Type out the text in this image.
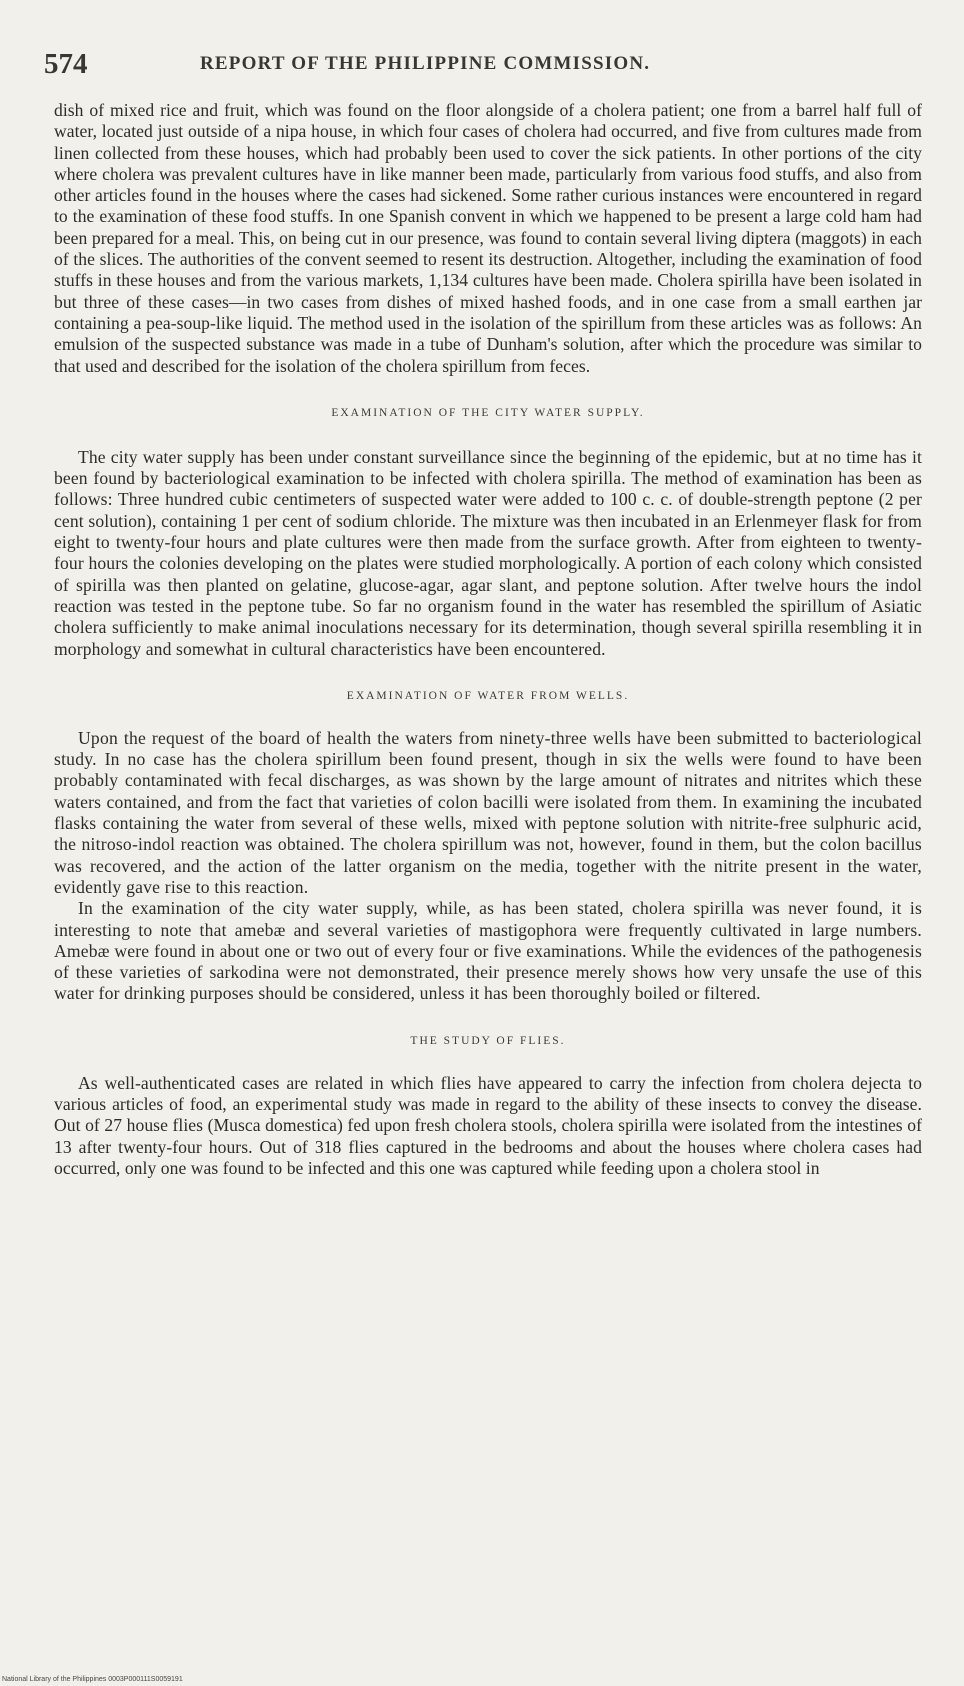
574	REPORT OF THE PHILIPPINE COMMISSION.

dish of mixed rice and fruit, which was found on the floor alongside of a cholera patient; one from a barrel half full of water, located just outside of a nipa house, in which four cases of cholera had occurred, and five from cultures made from linen collected from these houses, which had probably been used to cover the sick patients. In other portions of the city where cholera was prevalent cultures have in like manner been made, particularly from various food stuffs, and also from other articles found in the houses where the cases had sickened. Some rather curious instances were encountered in regard to the examination of these food stuffs. In one Spanish convent in which we happened to be present a large cold ham had been prepared for a meal. This, on being cut in our presence, was found to contain several living diptera (maggots) in each of the slices. The authorities of the convent seemed to resent its destruction. Altogether, including the examination of food stuffs in these houses and from the various markets, 1,134 cultures have been made. Cholera spirilla have been isolated in but three of these cases—in two cases from dishes of mixed hashed foods, and in one case from a small earthen jar containing a pea-soup-like liquid. The method used in the isolation of the spirillum from these articles was as follows: An emulsion of the suspected substance was made in a tube of Dunham's solution, after which the procedure was similar to that used and described for the isolation of the cholera spirillum from feces.

EXAMINATION OF THE CITY WATER SUPPLY.

The city water supply has been under constant surveillance since the beginning of the epidemic, but at no time has it been found by bacteriological examination to be infected with cholera spirilla. The method of examination has been as follows: Three hundred cubic centimeters of suspected water were added to 100 c. c. of double-strength peptone (2 per cent solution), containing 1 per cent of sodium chloride. The mixture was then incubated in an Erlenmeyer flask for from eight to twenty-four hours and plate cultures were then made from the surface growth. After from eighteen to twenty-four hours the colonies developing on the plates were studied morphologically. A portion of each colony which consisted of spirilla was then planted on gelatine, glucose-agar, agar slant, and peptone solution. After twelve hours the indol reaction was tested in the peptone tube. So far no organism found in the water has resembled the spirillum of Asiatic cholera sufficiently to make animal inoculations necessary for its determination, though several spirilla resembling it in morphology and somewhat in cultural characteristics have been encountered.

EXAMINATION OF WATER FROM WELLS.

Upon the request of the board of health the waters from ninety-three wells have been submitted to bacteriological study. In no case has the cholera spirillum been found present, though in six the wells were found to have been probably contaminated with fecal discharges, as was shown by the large amount of nitrates and nitrites which these waters contained, and from the fact that varieties of colon bacilli were isolated from them. In examining the incubated flasks containing the water from several of these wells, mixed with peptone solution with nitrite-free sulphuric acid, the nitroso-indol reaction was obtained. The cholera spirillum was not, however, found in them, but the colon bacillus was recovered, and the action of the latter organism on the media, together with the nitrite present in the water, evidently gave rise to this reaction.

In the examination of the city water supply, while, as has been stated, cholera spirilla was never found, it is interesting to note that amebæ and several varieties of mastigophora were frequently cultivated in large numbers. Amebæ were found in about one or two out of every four or five examinations. While the evidences of the pathogenesis of these varieties of sarkodina were not demonstrated, their presence merely shows how very unsafe the use of this water for drinking purposes should be considered, unless it has been thoroughly boiled or filtered.

THE STUDY OF FLIES.

As well-authenticated cases are related in which flies have appeared to carry the infection from cholera dejecta to various articles of food, an experimental study was made in regard to the ability of these insects to convey the disease. Out of 27 house flies (Musca domestica) fed upon fresh cholera stools, cholera spirilla were isolated from the intestines of 13 after twenty-four hours. Out of 318 flies captured in the bedrooms and about the houses where cholera cases had occurred, only one was found to be infected and this one was captured while feeding upon a cholera stool in

National Library of the Philippines 0003P000111S0059191
